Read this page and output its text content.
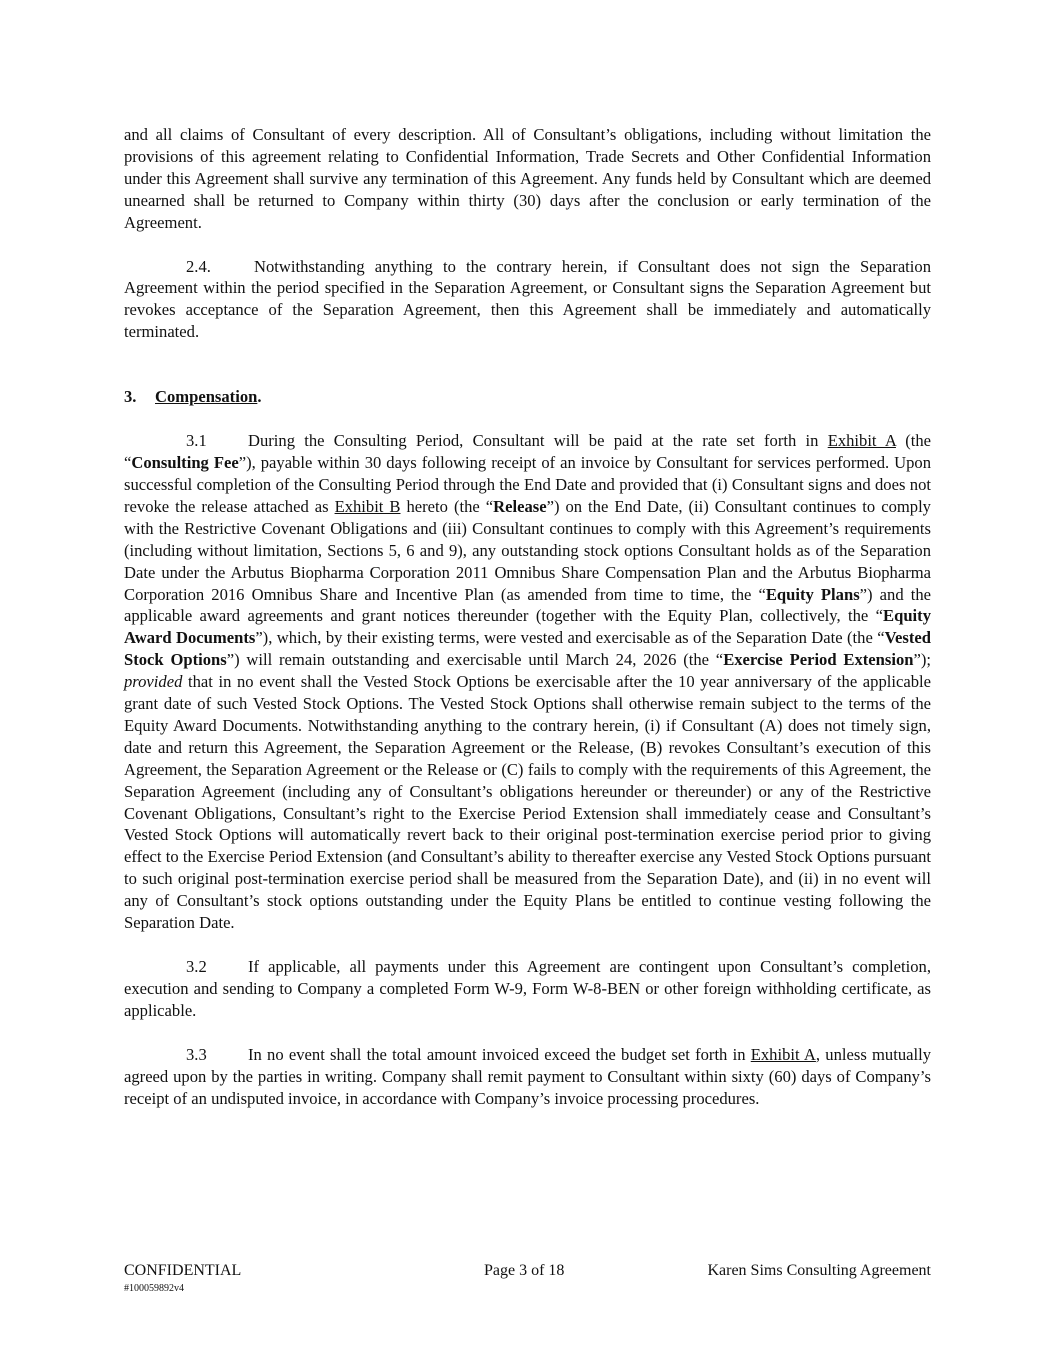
and all claims of Consultant of every description. All of Consultant’s obligations, including without limitation the provisions of this agreement relating to Confidential Information, Trade Secrets and Other Confidential Information under this Agreement shall survive any termination of this Agreement. Any funds held by Consultant which are deemed unearned shall be returned to Company within thirty (30) days after the conclusion or early termination of the Agreement.

2.4.	Notwithstanding anything to the contrary herein, if Consultant does not sign the Separation Agreement within the period specified in the Separation Agreement, or Consultant signs the Separation Agreement but revokes acceptance of the Separation Agreement, then this Agreement shall be immediately and automatically terminated.

3. Compensation.

3.1 During the Consulting Period, Consultant will be paid at the rate set forth in Exhibit A (the “Consulting Fee”), payable within 30 days following receipt of an invoice by Consultant for services performed. Upon successful completion of the Consulting Period through the End Date and provided that (i) Consultant signs and does not revoke the release attached as Exhibit B hereto (the “Release”) on the End Date, (ii) Consultant continues to comply with the Restrictive Covenant Obligations and (iii) Consultant continues to comply with this Agreement’s requirements (including without limitation, Sections 5, 6 and 9), any outstanding stock options Consultant holds as of the Separation Date under the Arbutus Biopharma Corporation 2011 Omnibus Share Compensation Plan and the Arbutus Biopharma Corporation 2016 Omnibus Share and Incentive Plan (as amended from time to time, the “Equity Plans”) and the applicable award agreements and grant notices thereunder (together with the Equity Plan, collectively, the “Equity Award Documents”), which, by their existing terms, were vested and exercisable as of the Separation Date (the “Vested Stock Options”) will remain outstanding and exercisable until March 24, 2026 (the “Exercise Period Extension”); provided that in no event shall the Vested Stock Options be exercisable after the 10 year anniversary of the applicable grant date of such Vested Stock Options. The Vested Stock Options shall otherwise remain subject to the terms of the Equity Award Documents. Notwithstanding anything to the contrary herein, (i) if Consultant (A) does not timely sign, date and return this Agreement, the Separation Agreement or the Release, (B) revokes Consultant’s execution of this Agreement, the Separation Agreement or the Release or (C) fails to comply with the requirements of this Agreement, the Separation Agreement (including any of Consultant’s obligations hereunder or thereunder) or any of the Restrictive Covenant Obligations, Consultant’s right to the Exercise Period Extension shall immediately cease and Consultant’s Vested Stock Options will automatically revert back to their original post-termination exercise period prior to giving effect to the Exercise Period Extension (and Consultant’s ability to thereafter exercise any Vested Stock Options pursuant to such original post-termination exercise period shall be measured from the Separation Date), and (ii) in no event will any of Consultant’s stock options outstanding under the Equity Plans be entitled to continue vesting following the Separation Date.

3.2 If applicable, all payments under this Agreement are contingent upon Consultant’s completion, execution and sending to Company a completed Form W-9, Form W-8-BEN or other foreign withholding certificate, as applicable.

3.3 In no event shall the total amount invoiced exceed the budget set forth in Exhibit A, unless mutually agreed upon by the parties in writing. Company shall remit payment to Consultant within sixty (60) days of Company’s receipt of an undisputed invoice, in accordance with Company’s invoice processing procedures.

CONFIDENTIAL	Page 3 of 18	Karen Sims Consulting Agreement
#100059892v4
